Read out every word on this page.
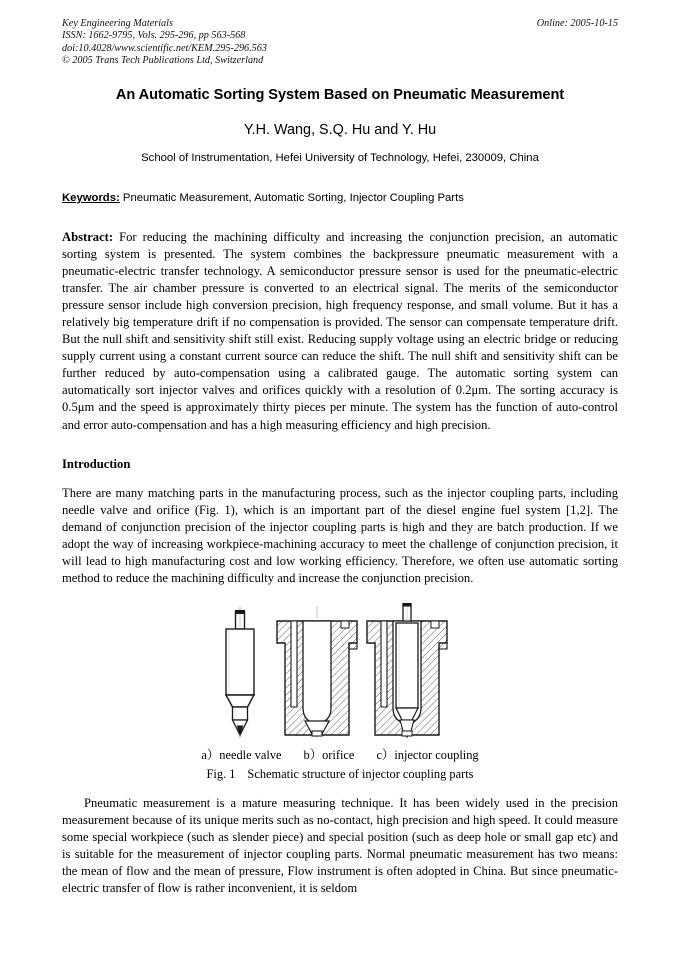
Key Engineering Materials
ISSN: 1662-9795, Vols. 295-296, pp 563-568
doi:10.4028/www.scientific.net/KEM.295-296.563
© 2005 Trans Tech Publications Ltd, Switzerland
Online: 2005-10-15
An Automatic Sorting System Based on Pneumatic Measurement
Y.H. Wang, S.Q. Hu and Y. Hu
School of Instrumentation, Hefei University of Technology, Hefei, 230009, China
Keywords: Pneumatic Measurement, Automatic Sorting, Injector Coupling Parts
Abstract: For reducing the machining difficulty and increasing the conjunction precision, an automatic sorting system is presented. The system combines the backpressure pneumatic measurement with a pneumatic-electric transfer technology. A semiconductor pressure sensor is used for the pneumatic-electric transfer. The air chamber pressure is converted to an electrical signal. The merits of the semiconductor pressure sensor include high conversion precision, high frequency response, and small volume. But it has a relatively big temperature drift if no compensation is provided. The sensor can compensate temperature drift. But the null shift and sensitivity shift still exist. Reducing supply voltage using an electric bridge or reducing supply current using a constant current source can reduce the shift. The null shift and sensitivity shift can be further reduced by auto-compensation using a calibrated gauge. The automatic sorting system can automatically sort injector valves and orifices quickly with a resolution of 0.2μm. The sorting accuracy is 0.5μm and the speed is approximately thirty pieces per minute. The system has the function of auto-control and error auto-compensation and has a high measuring efficiency and high precision.
Introduction

There are many matching parts in the manufacturing process, such as the injector coupling parts, including needle valve and orifice (Fig. 1), which is an important part of the diesel engine fuel system [1,2]. The demand of conjunction precision of the injector coupling parts is high and they are batch production. If we adopt the way of increasing workpiece-machining accuracy to meet the challenge of conjunction precision, it will lead to high manufacturing cost and low working efficiency. Therefore, we often use automatic sorting method to reduce the machining difficulty and increase the conjunction precision.

a）needle valve b）orifice c）injector coupling
Fig. 1 Schematic structure of injector coupling parts

Pneumatic measurement is a mature measuring technique. It has been widely used in the precision measurement because of its unique merits such as no-contact, high precision and high speed. It could measure some special workpiece (such as slender piece) and special position (such as deep hole or small gap etc) and is suitable for the measurement of injector coupling parts. Normal pneumatic measurement has two means: the mean of flow and the mean of pressure, Flow instrument is often adopted in China. But since pneumatic-electric transfer of flow is rather inconvenient, it is seldom
